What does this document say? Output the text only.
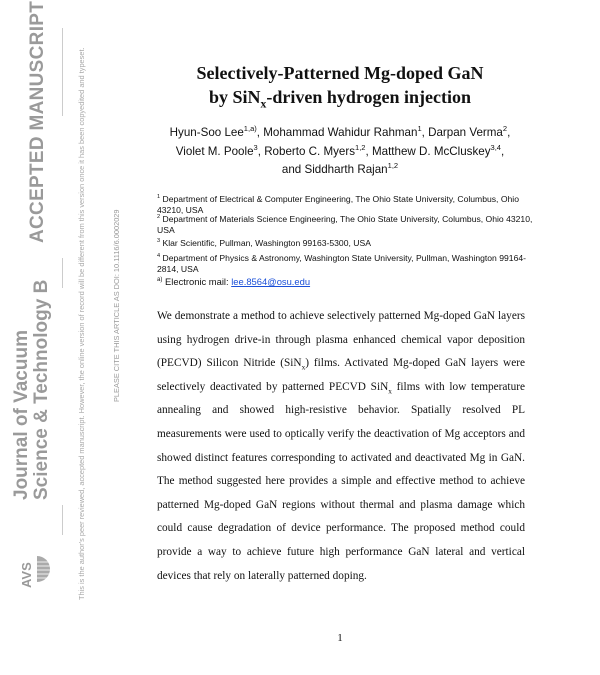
ACCEPTED MANUSCRIPT
Journal of Vacuum Science & Technology B
AVS	This is the author's peer reviewed, accepted manuscript. However, the online version of record will be different from this version once it has been copyedited and typeset.	PLEASE CITE THIS ARTICLE AS DOI: 10.1116/6.0002029
Selectively-Patterned Mg-doped GaN
by SiN$_x$-driven hydrogen injection
Hyun-Soo Lee$^{1,a)}$, Mohammad Wahidur Rahman$^1$, Darpan Verma$^2$,
Violet M. Poole$^3$, Roberto C. Myers$^{1,2}$, Matthew D. McCluskey$^{3,4}$,
and Siddharth Rajan$^{1,2}$
$^1$ Department of Electrical & Computer Engineering, The Ohio State University, Columbus, Ohio 43210, USA
$^2$ Department of Materials Science Engineering, The Ohio State University, Columbus, Ohio 43210, USA
$^3$ Klar Scientific, Pullman, Washington 99163-5300, USA
$^4$ Department of Physics & Astronomy, Washington State University, Pullman, Washington 99164-2814, USA
$^{a)}$ Electronic mail: lee.8564@osu.edu
We demonstrate a method to achieve selectively patterned Mg-doped GaN layers using hydrogen drive-in through plasma enhanced chemical vapor deposition (PECVD) Silicon Nitride (SiN$_x$) films. Activated Mg-doped GaN layers were selectively deactivated by patterned PECVD SiN$_x$ films with low temperature annealing and showed high-resistive behavior. Spatially resolved PL measurements were used to optically verify the deactivation of Mg acceptors and showed distinct features corresponding to activated and deactivated Mg in GaN. The method suggested here provides a simple and effective method to achieve patterned Mg-doped GaN regions without thermal and plasma damage which could cause degradation of device performance. The proposed method could provide a way to achieve future high performance GaN lateral and vertical devices that rely on laterally patterned doping.
1
